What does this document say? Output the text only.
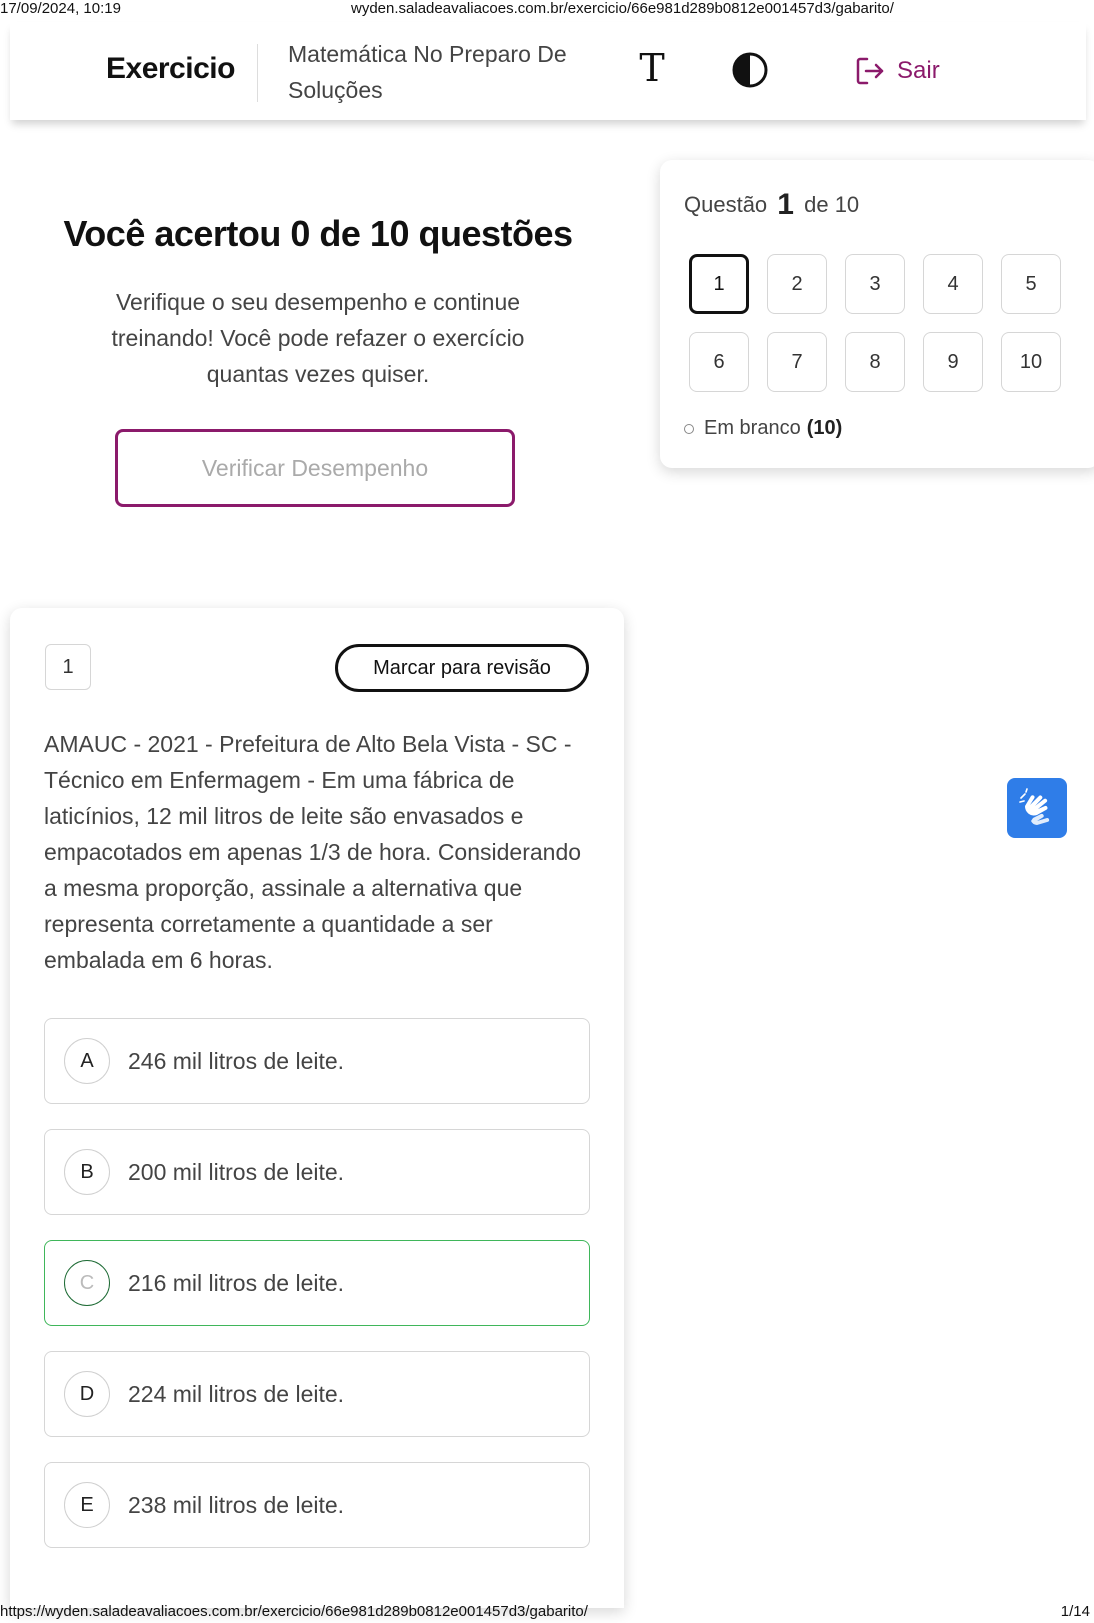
17/09/2024, 10:19	wyden.saladeavaliacoes.com.br/exercicio/66e981d289b0812e001457d3/gabarito/
Exercicio Matemática No Preparo De Soluções	T	Sair
Você acertou 0 de 10 questões
Verifique o seu desempenho e continue treinando! Você pode refazer o exercício quantas vezes quiser.
Verificar Desempenho
Questão 1 de 10
1	2	3	4	5
6	7	8	9	10
Em branco (10)
1	Marcar para revisão
AMAUC - 2021 - Prefeitura de Alto Bela Vista - SC - Técnico em Enfermagem - Em uma fábrica de laticínios, 12 mil litros de leite são envasados e empacotados em apenas 1/3 de hora. Considerando a mesma proporção, assinale a alternativa que representa corretamente a quantidade a ser embalada em 6 horas.
A	246 mil litros de leite.
B	200 mil litros de leite.
C	216 mil litros de leite.
D	224 mil litros de leite.
E	238 mil litros de leite.
https://wyden.saladeavaliacoes.com.br/exercicio/66e981d289b0812e001457d3/gabarito/	1/14
